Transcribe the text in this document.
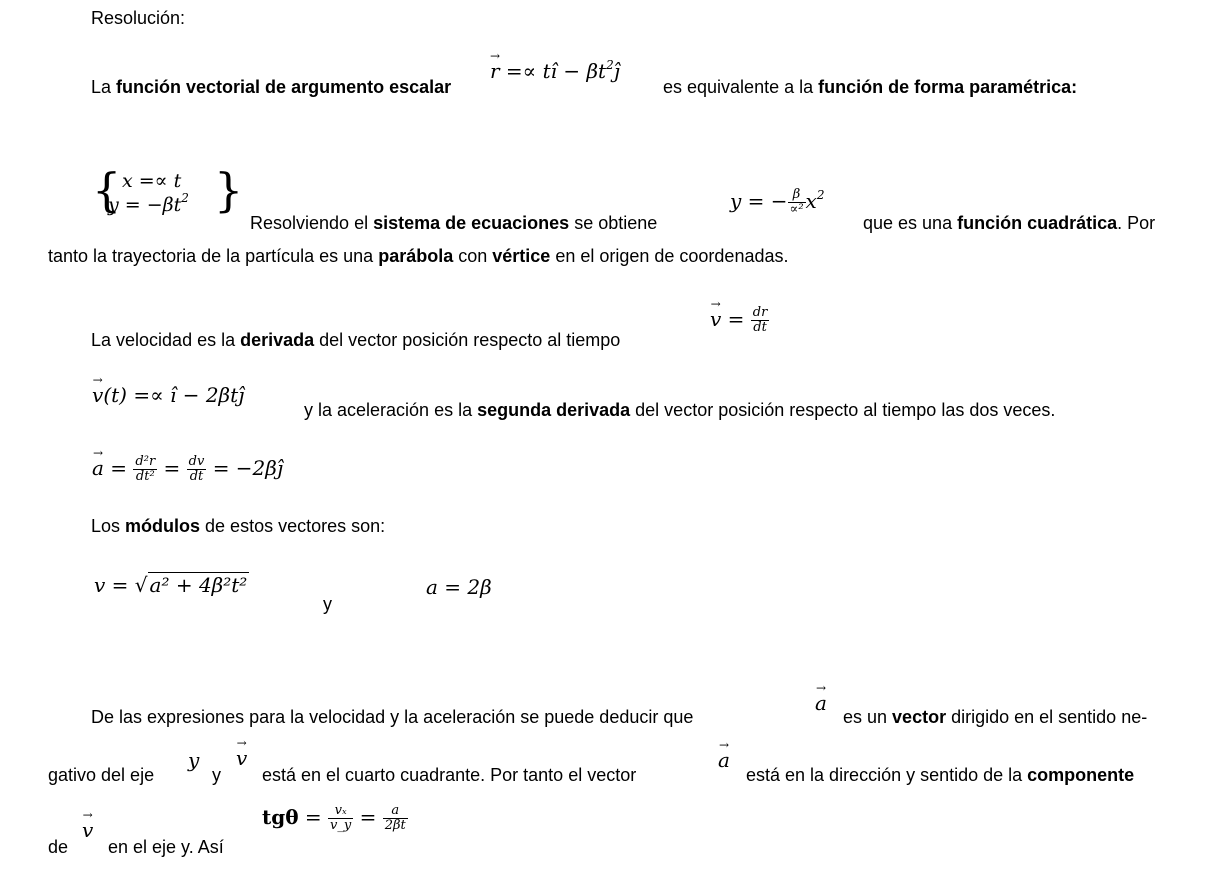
Resolución:
La función vectorial de argumento escalar
→ r =∝ tî − $\beta t^2ĵ$
es equivalente a la función de forma paramétrica:
{ x =∝ t
$y = -\beta t^2$ }
Resolviendo el sistema de ecuaciones se obtiene
y = − $\frac{\beta}{\text{∝²}} x^2$
que es una función cuadrática. Por
tanto la trayectoria de la partícula es una parábola con vértice en el origen de coordenadas.
La velocidad es la derivada del vector posición respecto al tiempo
→ $v = \frac{dr}{dt}$
→ v(t) =∝ î − 2βtĵ
y la aceleración es la segunda derivada del vector posición respecto al tiempo las dos veces.
→ $a = \frac{\text{d²r}}{\text{dt²}} = \frac{dv}{dt}$ = −2βĵ
Los módulos de estos vectores son:
v = √ a² + 4β²t²
y
a = 2β
De las expresiones para la velocidad y la aceleración se puede deducir que
→ a
es un vector dirigido en el sentido ne-
gativo del eje
y
y
→ v
está en el cuarto cuadrante. Por tanto el vector
→ a
está en la dirección y sentido de la componente
de
→ v
en el eje y. Así
$tg\theta = \frac{\text{vₓ}}{v\_y} = \frac{a}{2\beta t}$
